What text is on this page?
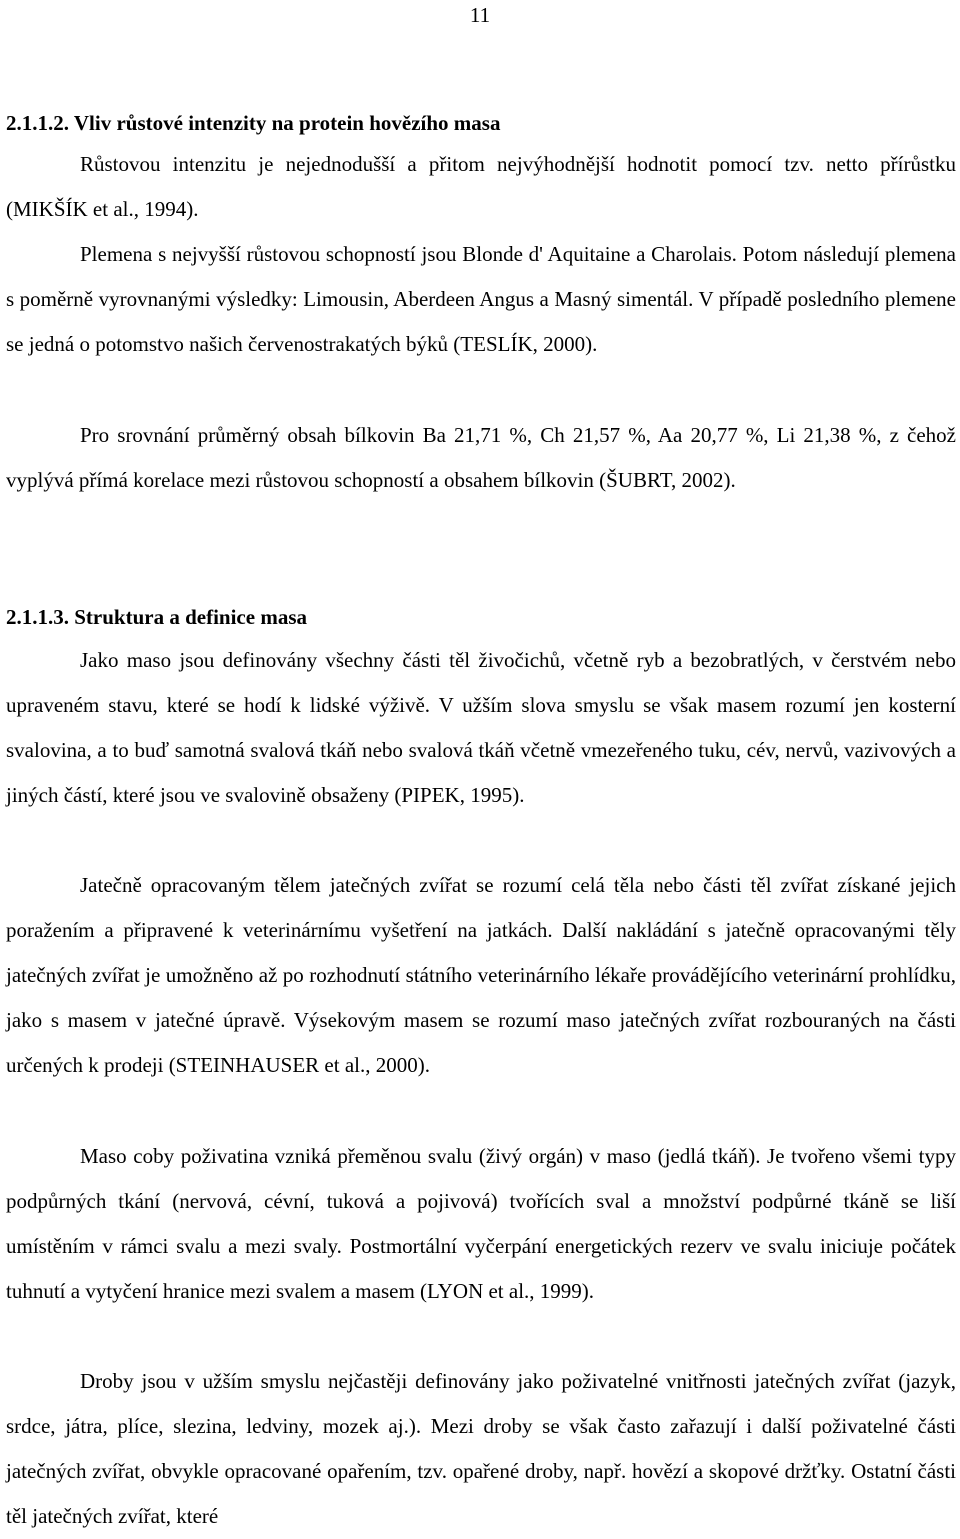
11
2.1.1.2. Vliv růstové intenzity na protein hovězího masa

Růstovou intenzitu je nejednodušší a přitom nejvýhodnější hodnotit pomocí tzv. netto přírůstku (MIKŠÍK et al., 1994).

Plemena s nejvyšší růstovou schopností jsou Blonde d' Aquitaine a Charolais. Potom následují plemena s poměrně vyrovnanými výsledky: Limousin, Aberdeen Angus a Masný simentál. V případě posledního plemene se jedná o potomstvo našich červenostrakatých býků (TESLÍK, 2000).

Pro srovnání průměrný obsah bílkovin Ba 21,71 %, Ch 21,57 %, Aa 20,77 %, Li 21,38 %, z čehož vyplývá přímá korelace mezi růstovou schopností a obsahem bílkovin (ŠUBRT, 2002).

2.1.1.3. Struktura a definice masa

Jako maso jsou definovány všechny části těl živočichů, včetně ryb a bezobratlých, v čerstvém nebo upraveném stavu, které se hodí k lidské výživě. V užším slova smyslu se však masem rozumí jen kosterní svalovina, a to buď samotná svalová tkáň nebo svalová tkáň včetně vmezeřeného tuku, cév, nervů, vazivových a jiných částí, které jsou ve svalovině obsaženy (PIPEK, 1995).

Jatečně opracovaným tělem jatečných zvířat se rozumí celá těla nebo části těl zvířat získané jejich poražením a připravené k veterinárnímu vyšetření na jatkách. Další nakládání s jatečně opracovanými těly jatečných zvířat je umožněno až po rozhodnutí státního veterinárního lékaře provádějícího veterinární prohlídku, jako s masem v jatečné úpravě. Výsekovým masem se rozumí maso jatečných zvířat rozbouraných na části určených k prodeji (STEINHAUSER et al., 2000).

Maso coby poživatina vzniká přeměnou svalu (živý orgán) v maso (jedlá tkáň). Je tvořeno všemi typy podpůrných tkání (nervová, cévní, tuková a pojivová) tvořících sval a množství podpůrné tkáně se liší umístěním v rámci svalu a mezi svaly. Postmortální vyčerpání energetických rezerv ve svalu iniciuje počátek tuhnutí a vytyčení hranice mezi svalem a masem (LYON et al., 1999).

Droby jsou v užším smyslu nejčastěji definovány jako poživatelné vnitřnosti jatečných zvířat (jazyk, srdce, játra, plíce, slezina, ledviny, mozek aj.). Mezi droby se však často zařazují i další poživatelné části jatečných zvířat, obvykle opracované opařením, tzv. opařené droby, např. hovězí a skopové držťky. Ostatní části těl jatečných zvířat, které
